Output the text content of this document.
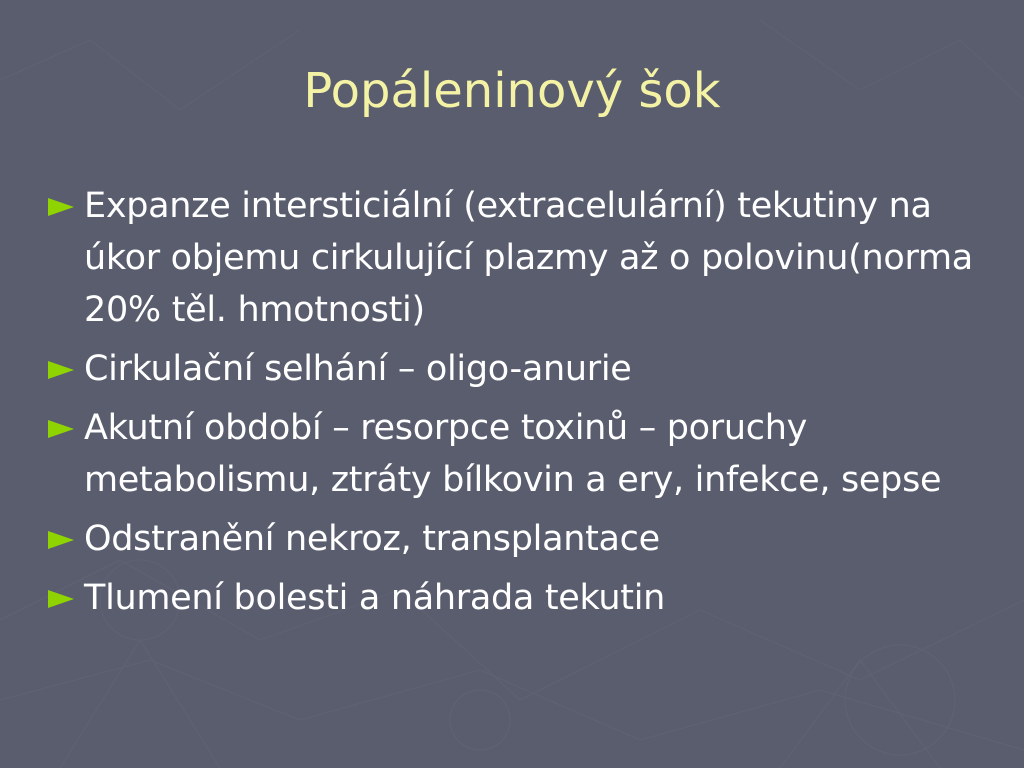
Popáleninový šok
Expanze intersticiální (extracelulární) tekutiny na úkor objemu cirkulující plazmy až o polovinu(norma 20% těl. hmotnosti)
Cirkulační selhání – oligo-anurie
Akutní období – resorpce toxinů – poruchy metabolismu, ztráty bílkovin a ery, infekce, sepse
Odstranění nekroz, transplantace
Tlumení bolesti a náhrada tekutin
